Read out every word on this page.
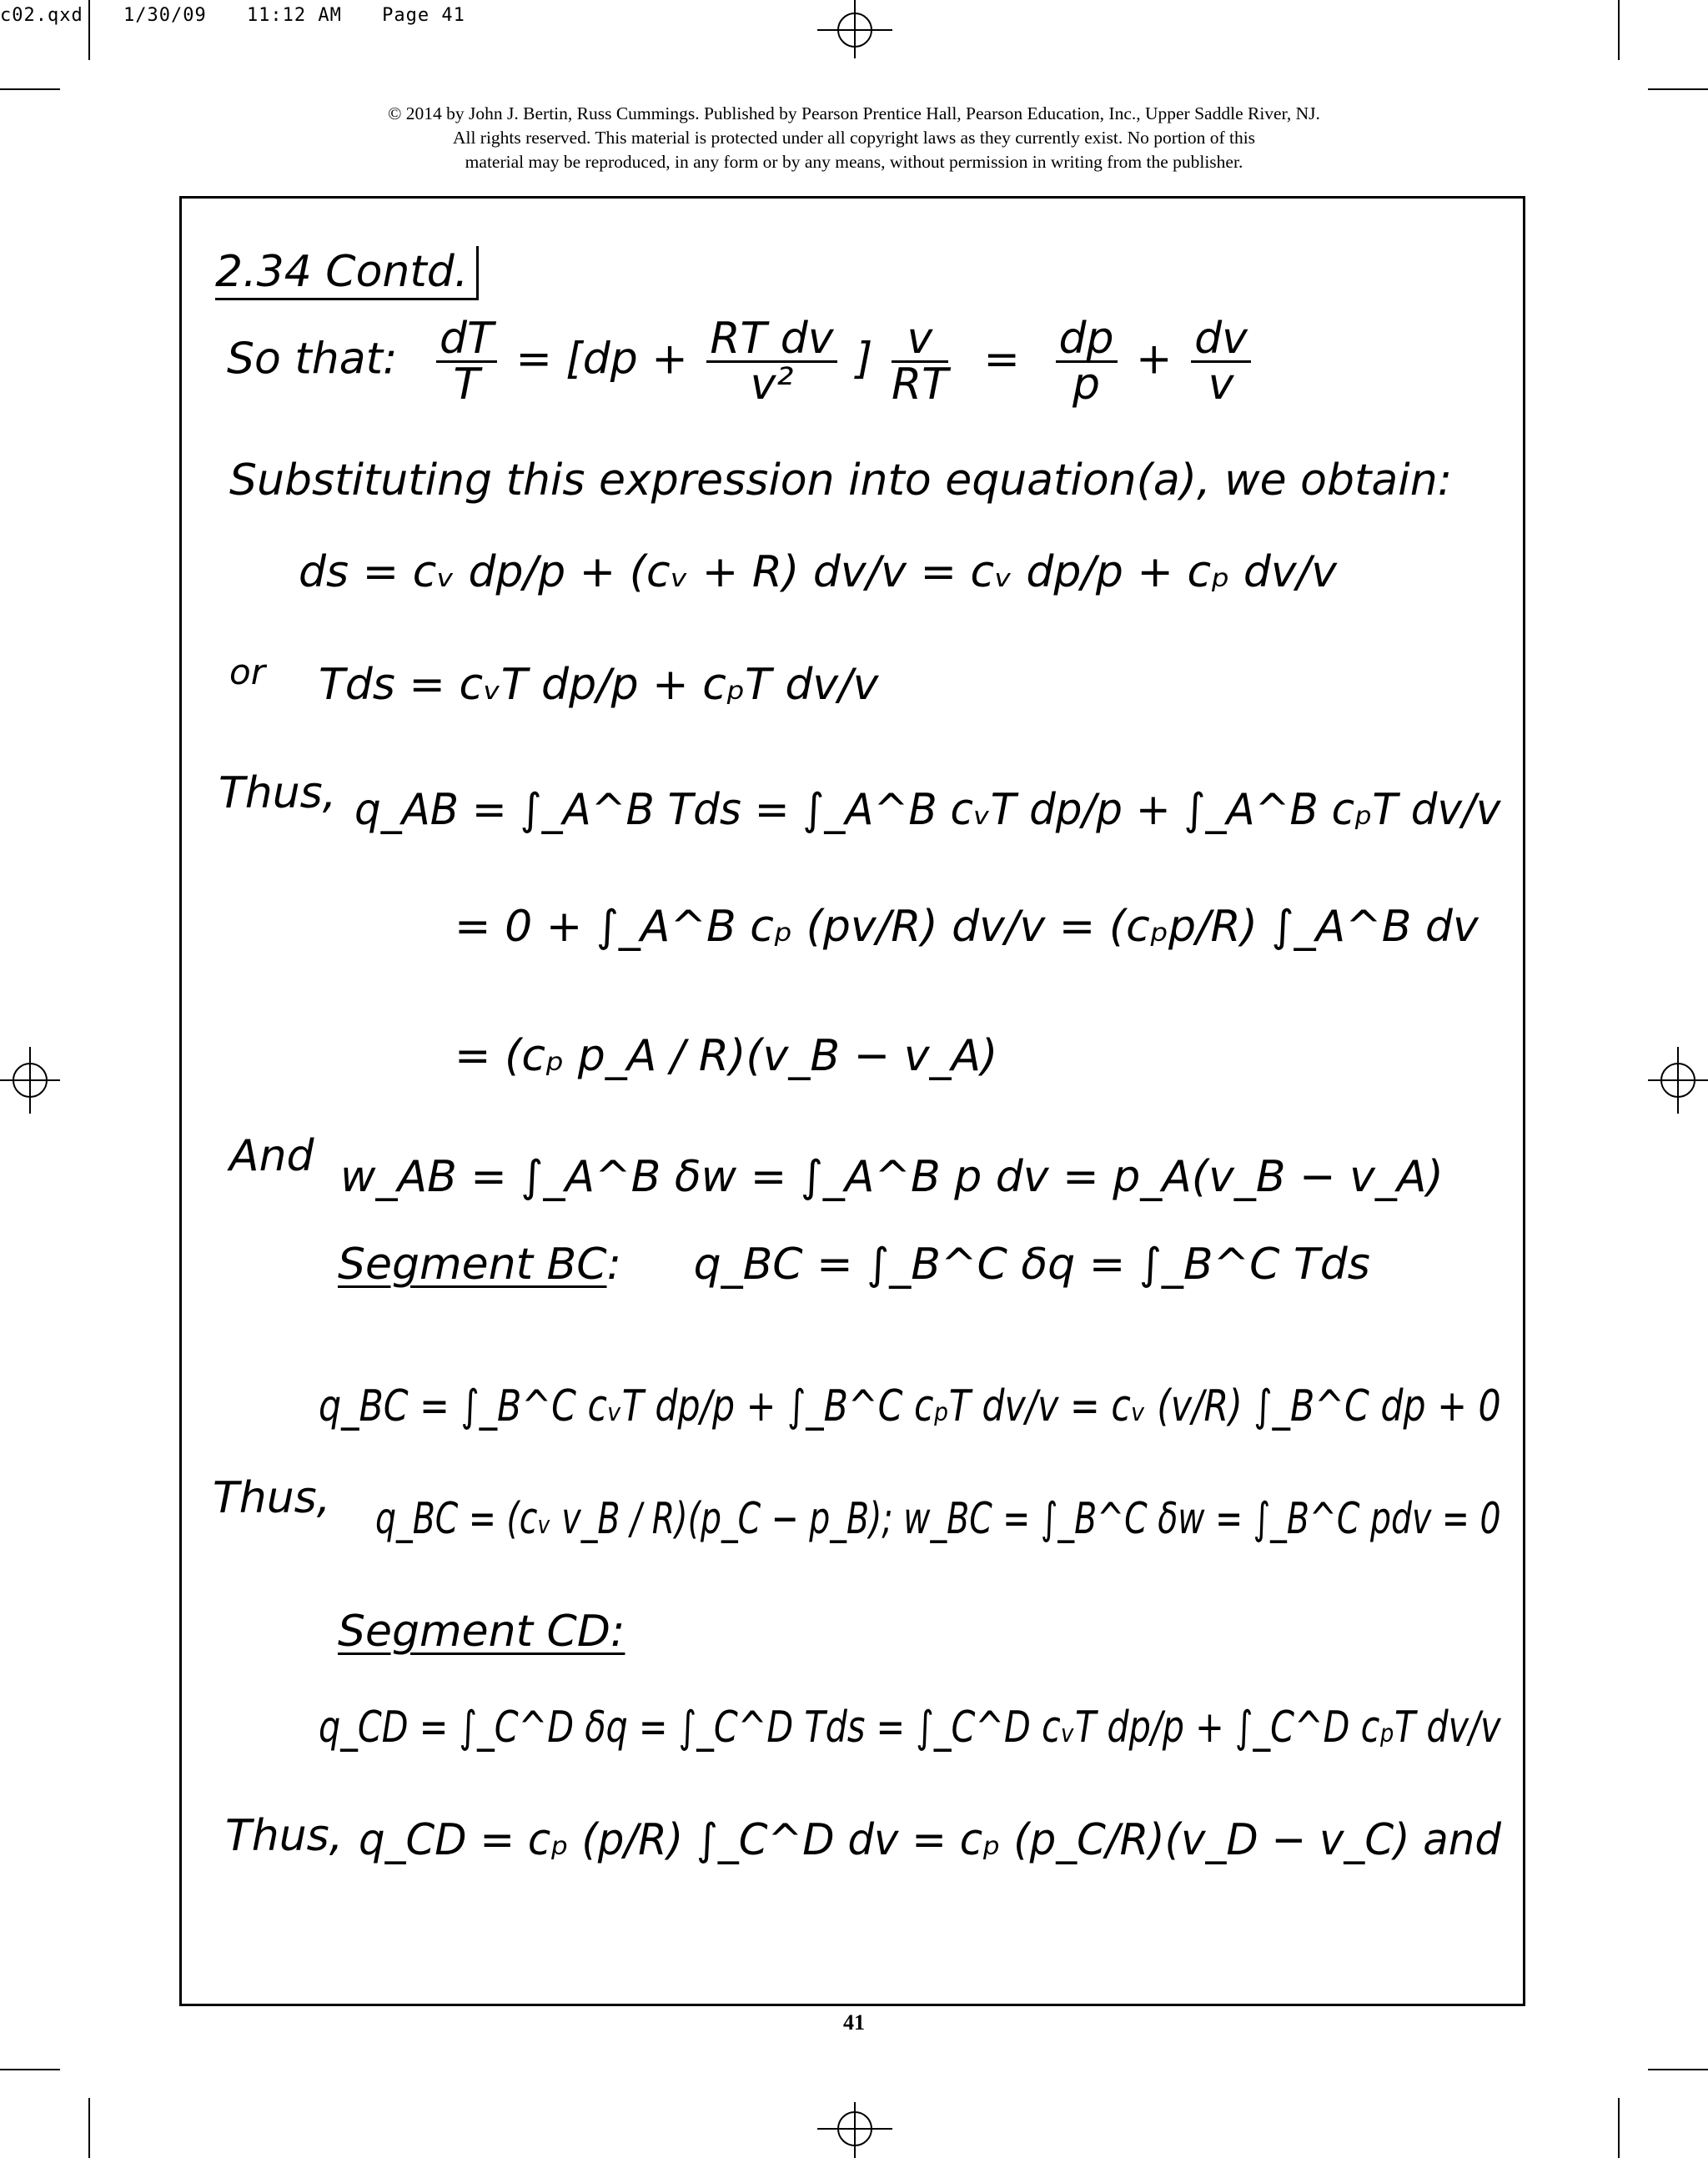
c02.qxd 1/30/09 11:12 AM Page 41
© 2014 by John J. Bertin, Russ Cummings. Published by Pearson Prentice Hall, Pearson Education, Inc., Upper Saddle River, NJ.
All rights reserved. This material is protected under all copyright laws as they currently exist. No portion of this
material may be reproduced, in any form or by any means, without permission in writing from the publisher.
2.34 Contd.
So that: $\frac{dT}{T} = [dp + \frac{\text{RT dv}}{\text{v²}}$ ] $\frac{v}{RT} = \frac{dp}{p} + \frac{dv}{v}$
Substituting this expression into equation(a), we obtain:
ds = cᵥ dp/p + (cᵥ + R) dv/v = cᵥ dp/p + cₚ dv/v
or Tds = cᵥT dp/p + cₚT dv/v
Thus, q_AB = ∫_A^B Tds = ∫_A^B cᵥT dp/p + ∫_A^B cₚT dv/v
= 0 + ∫_A^B cₚ (pv/R) dv/v = (cₚp/R) ∫_A^B dv
= (cₚ p_A / R)(v_B − v_A)
And w_AB = ∫_A^B δw = ∫_A^B p dv = p_A(v_B − v_A)
Segment BC: q_BC = ∫_B^C δq = ∫_B^C Tds
q_BC = ∫_B^C cᵥT dp/p + ∫_B^C cₚT dv/v = cᵥ (v/R) ∫_B^C dp + 0
Thus, q_BC = (cᵥ v_B / R)(p_C − p_B); w_BC = ∫_B^C δw = ∫_B^C pdv = 0
Segment CD:
q_CD = ∫_C^D δq = ∫_C^D Tds = ∫_C^D cᵥT dp/p + ∫_C^D cₚT dv/v
Thus, q_CD = cₚ (p/R) ∫_C^D dv = cₚ (p_C/R)(v_D − v_C) and
41
